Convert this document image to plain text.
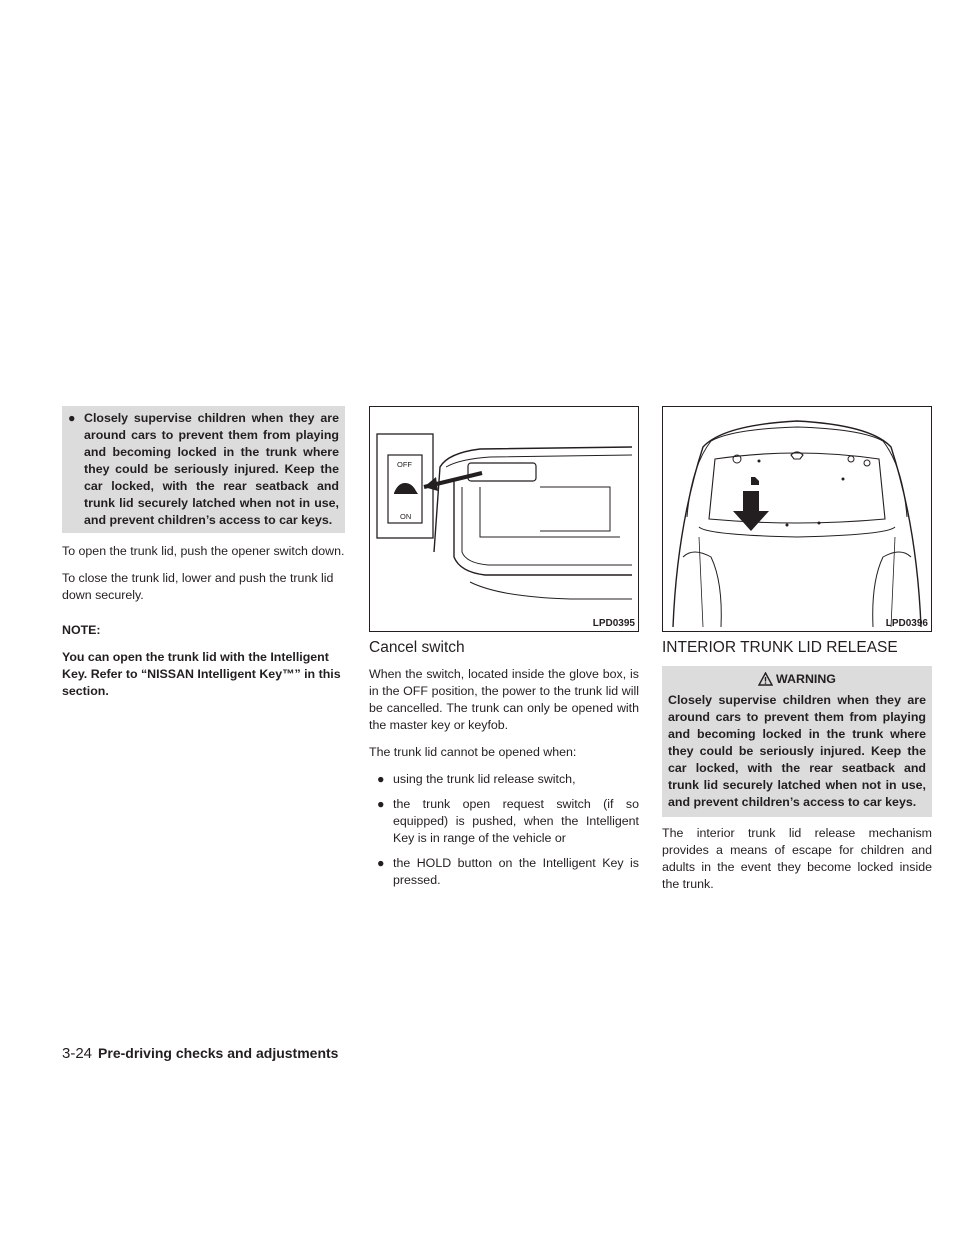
● Closely supervise children when they are around cars to prevent them from playing and becoming locked in the trunk where they could be seriously injured. Keep the car locked, with the rear seatback and trunk lid securely latched when not in use, and prevent children’s access to car keys.

To open the trunk lid, push the opener switch down.

To close the trunk lid, lower and push the trunk lid down securely.

NOTE:

You can open the trunk lid with the Intelligent Key. Refer to “NISSAN Intelligent Key™” in this section.

OFF
ON
LPD0395
Cancel switch

When the switch, located inside the glove box, is in the OFF position, the power to the trunk lid will be cancelled. The trunk can only be opened with the master key or keyfob.

The trunk lid cannot be opened when:

● using the trunk lid release switch,
● the trunk open request switch (if so equipped) is pushed, when the Intelligent Key is in range of the vehicle or
● the HOLD button on the Intelligent Key is pressed.
LPD0396
INTERIOR TRUNK LID RELEASE
WARNING
Closely supervise children when they are around cars to prevent them from playing and becoming locked in the trunk where they could be seriously injured. Keep the car locked, with the rear seatback and trunk lid securely latched when not in use, and prevent children’s access to car keys.

The interior trunk lid release mechanism provides a means of escape for children and adults in the event they become locked inside the trunk.

3-24 Pre-driving checks and adjustments
